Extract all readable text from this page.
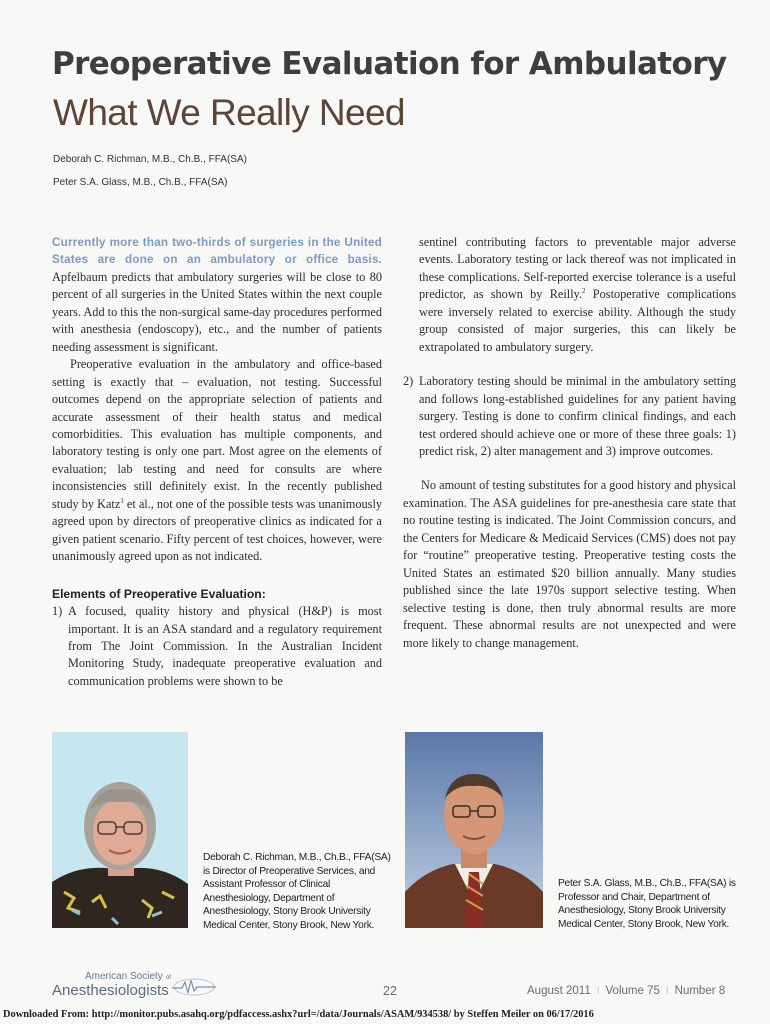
Preoperative Evaluation for Ambulatory
What We Really Need
Deborah C. Richman, M.B., Ch.B., FFA(SA)
Peter S.A. Glass, M.B., Ch.B., FFA(SA)

Currently more than two-thirds of surgeries in the United States are done on an ambulatory or office basis. Apfelbaum predicts that ambulatory surgeries will be close to 80 percent of all surgeries in the United States within the next couple years. Add to this the non-surgical same-day procedures performed with anesthesia (endoscopy), etc., and the number of patients needing assessment is significant.

Preoperative evaluation in the ambulatory and office-based setting is exactly that – evaluation, not testing. Successful outcomes depend on the appropriate selection of patients and accurate assessment of their health status and medical comorbidities. This evaluation has multiple components, and laboratory testing is only one part. Most agree on the elements of evaluation; lab testing and need for consults are where inconsistencies still definitely exist. In the recently published study by Katz$^1$ et al., not one of the possible tests was unanimously agreed upon by directors of preoperative clinics as indicated for a given patient scenario. Fifty percent of test choices, however, were unanimously agreed upon as not indicated.

Elements of Preoperative Evaluation:

1) A focused, quality history and physical (H&P) is most important. It is an ASA standard and a regulatory requirement from The Joint Commission. In the Australian Incident Monitoring Study, inadequate preoperative evaluation and communication problems were shown to be

sentinel contributing factors to preventable major adverse events. Laboratory testing or lack thereof was not implicated in these complications. Self-reported exercise tolerance is a useful predictor, as shown by Reilly.$^2$ Postoperative complications were inversely related to exercise ability. Although the study group consisted of major surgeries, this can likely be extrapolated to ambulatory surgery.

2) Laboratory testing should be minimal in the ambulatory setting and follows long-established guidelines for any patient having surgery. Testing is done to confirm clinical findings, and each test ordered should achieve one or more of these three goals: 1) predict risk, 2) alter management and 3) improve outcomes.

No amount of testing substitutes for a good history and physical examination. The ASA guidelines for pre-anesthesia care state that no routine testing is indicated. The Joint Commission concurs, and the Centers for Medicare & Medicaid Services (CMS) does not pay for “routine” preoperative testing. Preoperative testing costs the United States an estimated $20 billion annually. Many studies published since the late 1970s support selective testing. When selective testing is done, then truly abnormal results are more frequent. These abnormal results are not unexpected and were more likely to change management.

Deborah C. Richman, M.B., Ch.B., FFA(SA) is Director of Preoperative Services, and Assistant Professor of Clinical Anesthesiology, Department of Anesthesiology, Stony Brook University Medical Center, Stony Brook, New York.
Peter S.A. Glass, M.B., Ch.B., FFA(SA) is Professor and Chair, Department of Anesthesiology, Stony Brook University Medical Center, Stony Brook, New York.
American Society of
Anesthesiologists	22	August 2011 I Volume 75 I Number 8
Downloaded From: http://monitor.pubs.asahq.org/pdfaccess.ashx?url=/data/Journals/ASAM/934538/ by Steffen Meiler on 06/17/2016
